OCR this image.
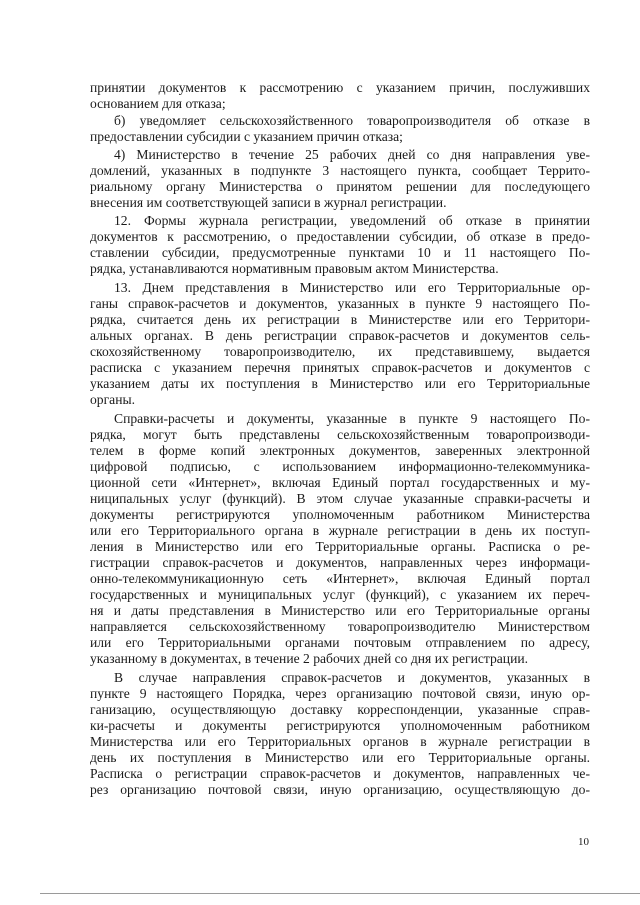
принятии документов к рассмотрению с указанием причин, послуживших
основанием для отказа;
б) уведомляет сельскохозяйственного товаропроизводителя об отказе в
предоставлении субсидии с указанием причин отказа;
4) Министерство в течение 25 рабочих дней со дня направления уве-
домлений, указанных в подпункте 3 настоящего пункта, сообщает Террито-
риальному органу Министерства о принятом решении для последующего
внесения им соответствующей записи в журнал регистрации.
12. Формы журнала регистрации, уведомлений об отказе в принятии
документов к рассмотрению, о предоставлении субсидии, об отказе в предо-
ставлении субсидии, предусмотренные пунктами 10 и 11 настоящего По-
рядка, устанавливаются нормативным правовым актом Министерства.
13. Днем представления в Министерство или его Территориальные ор-
ганы справок-расчетов и документов, указанных в пункте 9 настоящего По-
рядка, считается день их регистрации в Министерстве или его Территори-
альных органах. В день регистрации справок-расчетов и документов сель-
скохозяйственному товаропроизводителю, их представившему, выдается
расписка с указанием перечня принятых справок-расчетов и документов с
указанием даты их поступления в Министерство или его Территориальные
органы.
Справки-расчеты и документы, указанные в пункте 9 настоящего По-
рядка, могут быть представлены сельскохозяйственным товаропроизводи-
телем в форме копий электронных документов, заверенных электронной
цифровой подписью, с использованием информационно-телекоммуника-
ционной сети «Интернет», включая Единый портал государственных и му-
ниципальных услуг (функций). В этом случае указанные справки-расчеты и
документы регистрируются уполномоченным работником Министерства
или его Территориального органа в журнале регистрации в день их поступ-
ления в Министерство или его Территориальные органы. Расписка о ре-
гистрации справок-расчетов и документов, направленных через информаци-
онно-телекоммуникационную сеть «Интернет», включая Единый портал
государственных и муниципальных услуг (функций), с указанием их переч-
ня и даты представления в Министерство или его Территориальные органы
направляется сельскохозяйственному товаропроизводителю Министерством
или его Территориальными органами почтовым отправлением по адресу,
указанному в документах, в течение 2 рабочих дней со дня их регистрации.
В случае направления справок-расчетов и документов, указанных в
пункте 9 настоящего Порядка, через организацию почтовой связи, иную ор-
ганизацию, осуществляющую доставку корреспонденции, указанные справ-
ки-расчеты и документы регистрируются уполномоченным работником
Министерства или его Территориальных органов в журнале регистрации в
день их поступления в Министерство или его Территориальные органы.
Расписка о регистрации справок-расчетов и документов, направленных че-
рез организацию почтовой связи, иную организацию, осуществляющую до-
10
